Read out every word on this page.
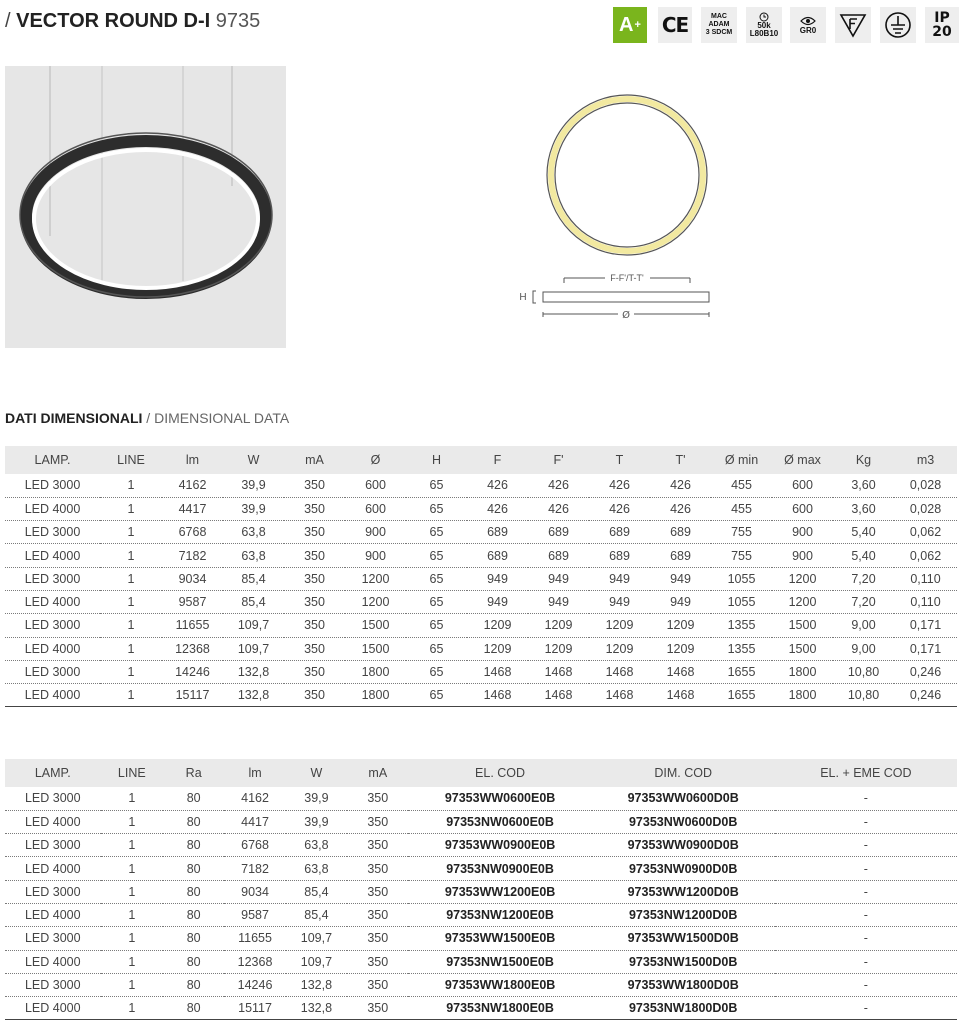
/ VECTOR ROUND D-I 9735	A + CE	MAC
ADAM
3 SDCM
50k
L80B10	GR0
IP
20
F-F'/T-T'
H
Ø
DATI DIMENSIONALI / DIMENSIONAL DATA
LAMP.	LINE	lm	W	mA	Ø	H	F	F'	T	T'	Ø min	Ø max	Kg	m3
LED 3000	1	4162	39,9	350	600	65	426	426	426	426	455	600	3,60	0,028
LED 4000	1	4417	39,9	350	600	65	426	426	426	426	455	600	3,60	0,028
LED 3000	1	6768	63,8	350	900	65	689	689	689	689	755	900	5,40	0,062
LED 4000	1	7182	63,8	350	900	65	689	689	689	689	755	900	5,40	0,062
LED 3000	1	9034	85,4	350	1200	65	949	949	949	949	1055	1200	7,20	0,110
LED 4000	1	9587	85,4	350	1200	65	949	949	949	949	1055	1200	7,20	0,110
LED 3000	1	11655	109,7	350	1500	65	1209	1209	1209	1209	1355	1500	9,00	0,171
LED 4000	1	12368	109,7	350	1500	65	1209	1209	1209	1209	1355	1500	9,00	0,171
LED 3000	1	14246	132,8	350	1800	65	1468	1468	1468	1468	1655	1800	10,80	0,246
LED 4000	1	15117	132,8	350	1800	65	1468	1468	1468	1468	1655	1800	10,80	0,246
LAMP.	LINE	Ra	lm	W	mA	EL. COD	DIM. COD	EL. + EME COD
LED 3000	1	80	4162	39,9	350	97353WW0600E0B	97353WW0600D0B	-
LED 4000	1	80	4417	39,9	350	97353NW0600E0B	97353NW0600D0B	-
LED 3000	1	80	6768	63,8	350	97353WW0900E0B	97353WW0900D0B	-
LED 4000	1	80	7182	63,8	350	97353NW0900E0B	97353NW0900D0B	-
LED 3000	1	80	9034	85,4	350	97353WW1200E0B	97353WW1200D0B	-
LED 4000	1	80	9587	85,4	350	97353NW1200E0B	97353NW1200D0B	-
LED 3000	1	80	11655	109,7	350	97353WW1500E0B	97353WW1500D0B	-
LED 4000	1	80	12368	109,7	350	97353NW1500E0B	97353NW1500D0B	-
LED 3000	1	80	14246	132,8	350	97353WW1800E0B	97353WW1800D0B	-
LED 4000	1	80	15117	132,8	350	97353NW1800E0B	97353NW1800D0B	-
